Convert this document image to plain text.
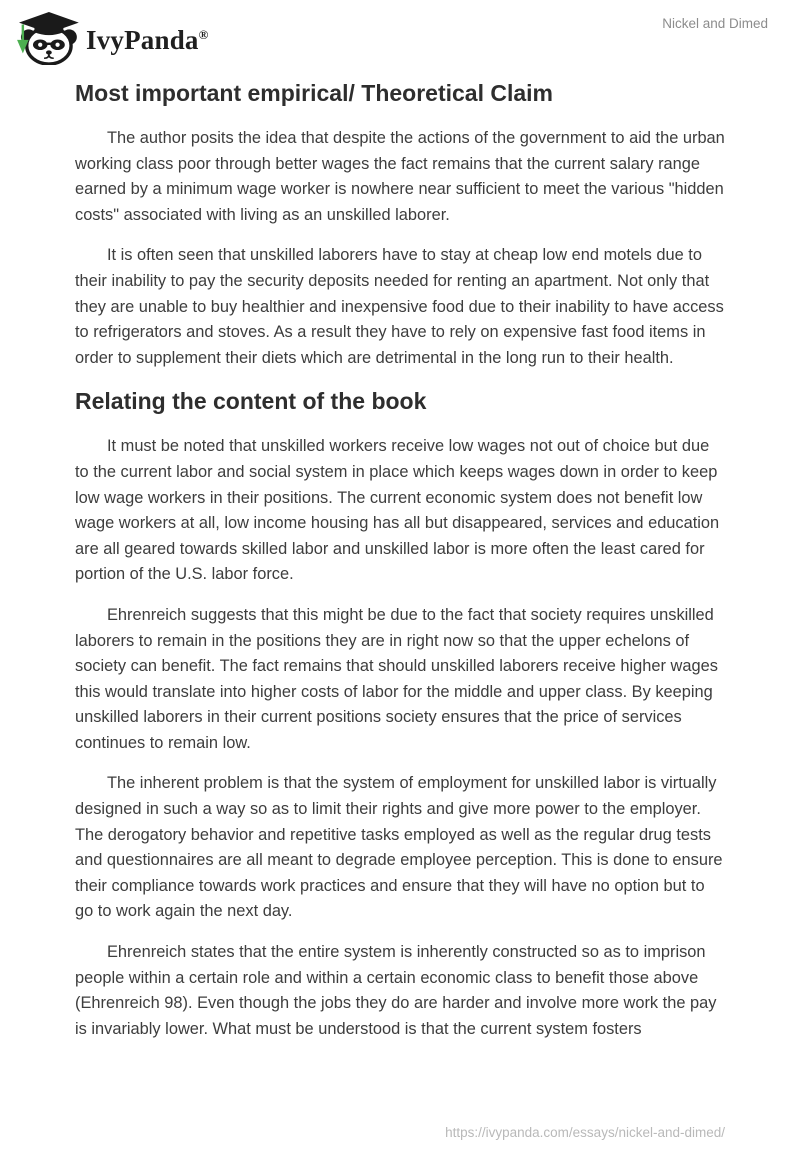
IvyPanda®
Nickel and Dimed
Most important empirical/ Theoretical Claim

The author posits the idea that despite the actions of the government to aid the urban working class poor through better wages the fact remains that the current salary range earned by a minimum wage worker is nowhere near sufficient to meet the various "hidden costs" associated with living as an unskilled laborer.

It is often seen that unskilled laborers have to stay at cheap low end motels due to their inability to pay the security deposits needed for renting an apartment. Not only that they are unable to buy healthier and inexpensive food due to their inability to have access to refrigerators and stoves. As a result they have to rely on expensive fast food items in order to supplement their diets which are detrimental in the long run to their health.

Relating the content of the book

It must be noted that unskilled workers receive low wages not out of choice but due to the current labor and social system in place which keeps wages down in order to keep low wage workers in their positions. The current economic system does not benefit low wage workers at all, low income housing has all but disappeared, services and education are all geared towards skilled labor and unskilled labor is more often the least cared for portion of the U.S. labor force.

Ehrenreich suggests that this might be due to the fact that society requires unskilled laborers to remain in the positions they are in right now so that the upper echelons of society can benefit. The fact remains that should unskilled laborers receive higher wages this would translate into higher costs of labor for the middle and upper class. By keeping unskilled laborers in their current positions society ensures that the price of services continues to remain low.

The inherent problem is that the system of employment for unskilled labor is virtually designed in such a way so as to limit their rights and give more power to the employer. The derogatory behavior and repetitive tasks employed as well as the regular drug tests and questionnaires are all meant to degrade employee perception. This is done to ensure their compliance towards work practices and ensure that they will have no option but to go to work again the next day.

Ehrenreich states that the entire system is inherently constructed so as to imprison people within a certain role and within a certain economic class to benefit those above (Ehrenreich 98). Even though the jobs they do are harder and involve more work the pay is invariably lower. What must be understood is that the current system fosters

https://ivypanda.com/essays/nickel-and-dimed/
